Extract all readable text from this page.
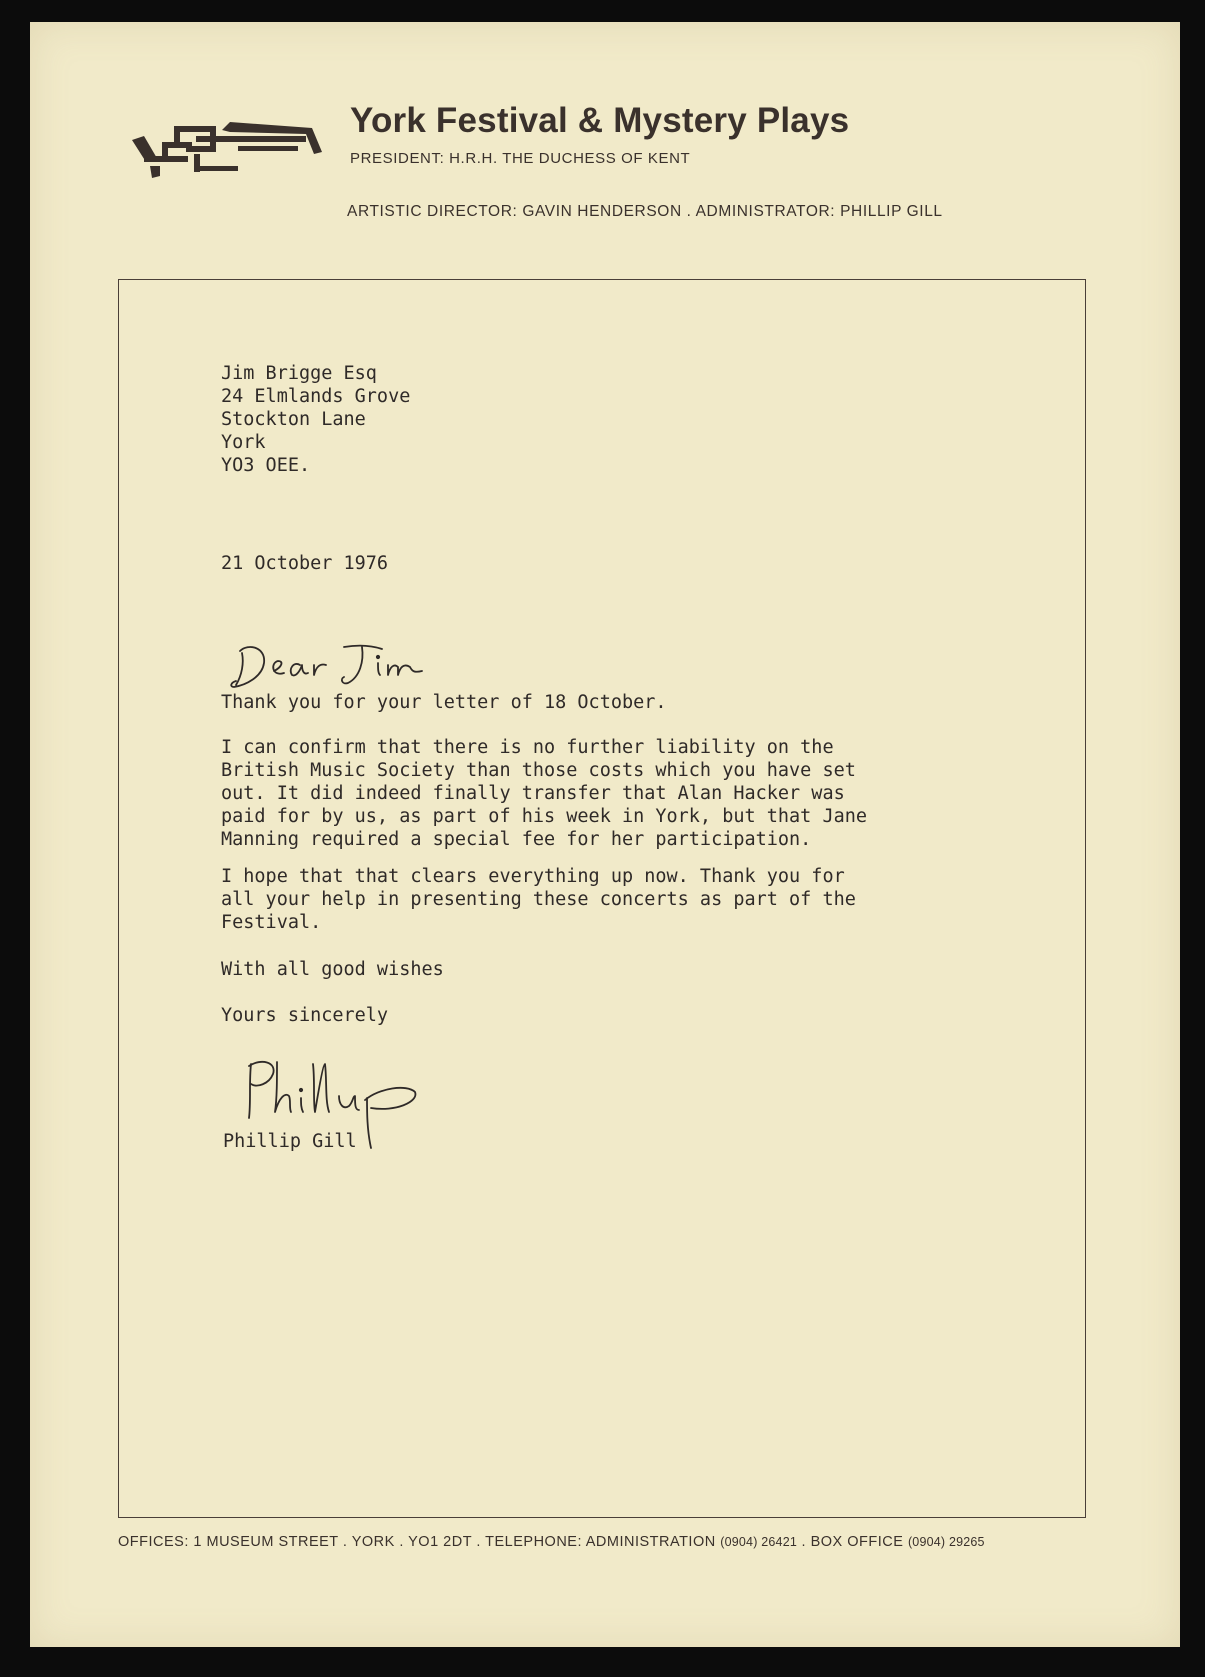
York Festival & Mystery Plays
PRESIDENT: H.R.H. THE DUCHESS OF KENT
ARTISTIC DIRECTOR: GAVIN HENDERSON . ADMINISTRATOR: PHILLIP GILL
Jim Brigge Esq
24 Elmlands Grove
Stockton Lane
York
YO3 OEE.
21 October 1976
Thank you for your letter of 18 October.
I can confirm that there is no further liability on the
British Music Society than those costs which you have set
out. It did indeed finally transfer that Alan Hacker was
paid for by us, as part of his week in York, but that Jane
Manning required a special fee for her participation.
I hope that that clears everything up now. Thank you for
all your help in presenting these concerts as part of the
Festival.
With all good wishes
Yours sincerely
Phillip Gill
OFFICES: 1 MUSEUM STREET . YORK . YO1 2DT . TELEPHONE: ADMINISTRATION (0904) 26421 . BOX OFFICE (0904) 29265
